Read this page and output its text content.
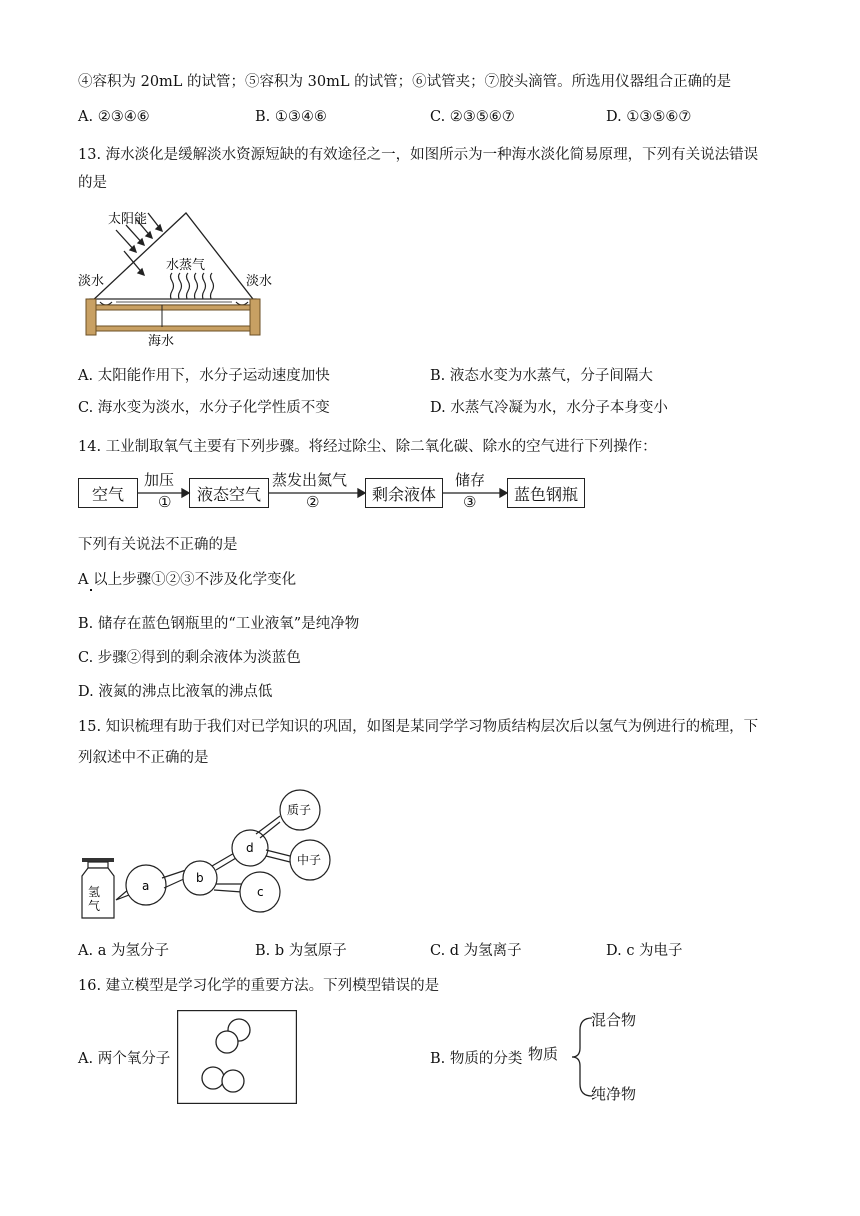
④容积为 20mL 的试管；⑤容积为 30mL 的试管；⑥试管夹；⑦胶头滴管。所选用仪器组合正确的是
A. ②③④⑥	B. ①③④⑥	C. ②③⑤⑥⑦	D. ①③⑤⑥⑦
13. 海水淡化是缓解淡水资源短缺的有效途径之一，如图所示为一种海水淡化简易原理，下列有关说法错误
的是
太阳能
水蒸气
淡水	淡水
海水
A. 太阳能作用下，水分子运动速度加快	B. 液态水变为水蒸气，分子间隔大
C. 海水变为淡水，水分子化学性质不变	D. 水蒸气冷凝为水，水分子本身变小
14. 工业制取氧气主要有下列步骤。将经过除尘、除二氧化碳、除水的空气进行下列操作：
空气	液态空气	剩余液体	蓝色钢瓶
加压
①
蒸发出氮气
②
储存
③
下列有关说法不正确的是
A 以上步骤①②③不涉及化学变化
B. 储存在蓝色钢瓶里的“工业液氧”是纯净物
C. 步骤②得到的剩余液体为淡蓝色
D. 液氮的沸点比液氧的沸点低
15. 知识梳理有助于我们对已学知识的巩固，如图是某同学学习物质结构层次后以氢气为例进行的梳理，下
列叙述中不正确的是
氢
气
a
b
c
d
质子
中子
A. a 为氢分子	B. b 为氢原子	C. d 为氢离子	D. c 为电子
16. 建立模型是学习化学的重要方法。下列模型错误的是
A. 两个氧分子	B. 物质的分类 物质
混合物
纯净物
